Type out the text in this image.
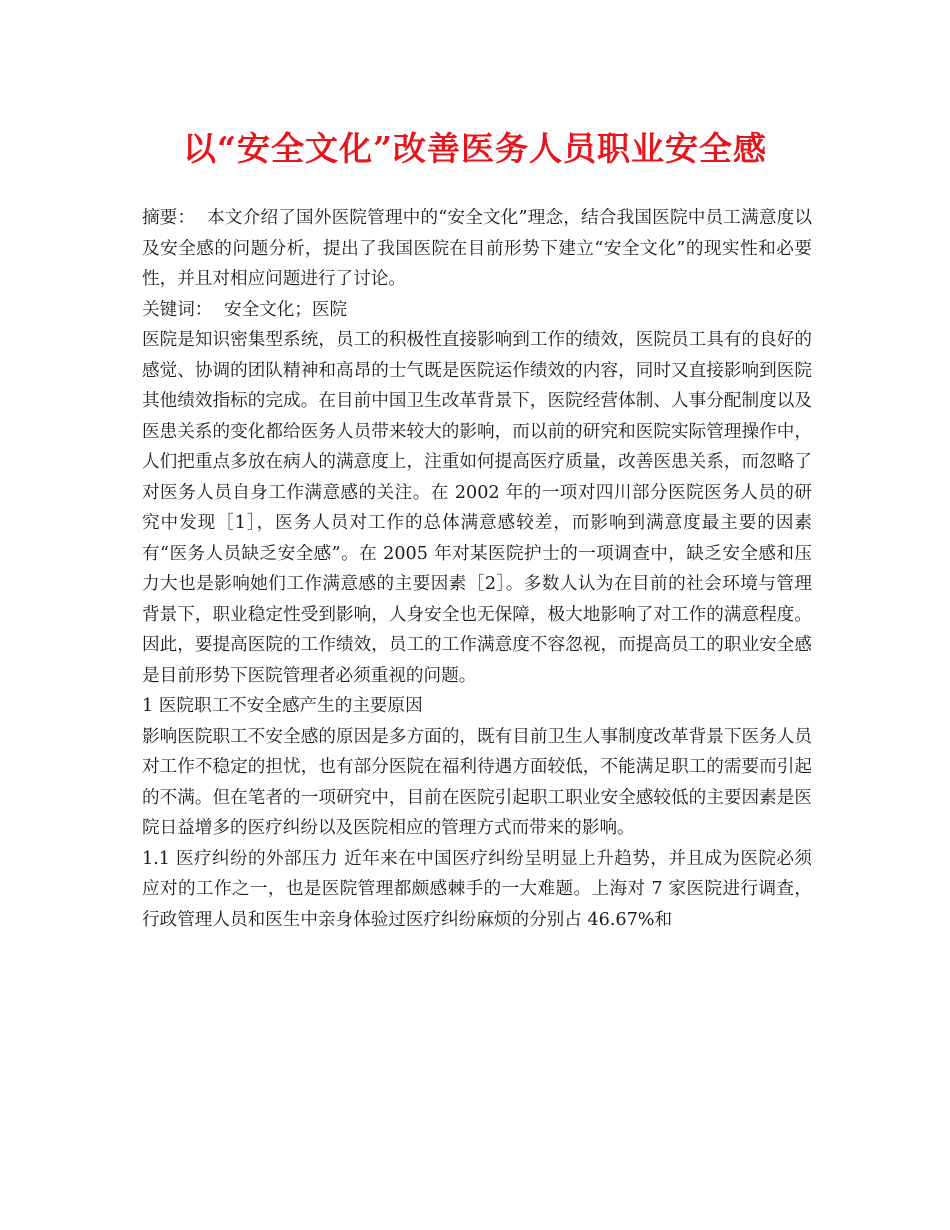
以“安全文化”改善医务人员职业安全感

摘要： 本文介绍了国外医院管理中的“安全文化”理念，结合我国医院中员工满意度以及安全感的问题分析，提出了我国医院在目前形势下建立“安全文化”的现实性和必要性，并且对相应问题进行了讨论。

关键词： 安全文化；医院

医院是知识密集型系统，员工的积极性直接影响到工作的绩效，医院员工具有的良好的感觉、协调的团队精神和高昂的士气既是医院运作绩效的内容，同时又直接影响到医院其他绩效指标的完成。在目前中国卫生改革背景下，医院经营体制、人事分配制度以及医患关系的变化都给医务人员带来较大的影响，而以前的研究和医院实际管理操作中，人们把重点多放在病人的满意度上，注重如何提高医疗质量，改善医患关系，而忽略了对医务人员自身工作满意感的关注。在 2002 年的一项对四川部分医院医务人员的研究中发现［1］，医务人员对工作的总体满意感较差，而影响到满意度最主要的因素有“医务人员缺乏安全感”。在 2005 年对某医院护士的一项调查中，缺乏安全感和压力大也是影响她们工作满意感的主要因素［2］。多数人认为在目前的社会环境与管理背景下，职业稳定性受到影响，人身安全也无保障，极大地影响了对工作的满意程度。因此，要提高医院的工作绩效，员工的工作满意度不容忽视，而提高员工的职业安全感是目前形势下医院管理者必须重视的问题。

1 医院职工不安全感产生的主要原因

影响医院职工不安全感的原因是多方面的，既有目前卫生人事制度改革背景下医务人员对工作不稳定的担忧，也有部分医院在福利待遇方面较低，不能满足职工的需要而引起的不满。但在笔者的一项研究中，目前在医院引起职工职业安全感较低的主要因素是医院日益增多的医疗纠纷以及医院相应的管理方式而带来的影响。

1.1 医疗纠纷的外部压力 近年来在中国医疗纠纷呈明显上升趋势，并且成为医院必须应对的工作之一，也是医院管理都颇感棘手的一大难题。上海对 7 家医院进行调查，行政管理人员和医生中亲身体验过医疗纠纷麻烦的分别占 46.67%和
